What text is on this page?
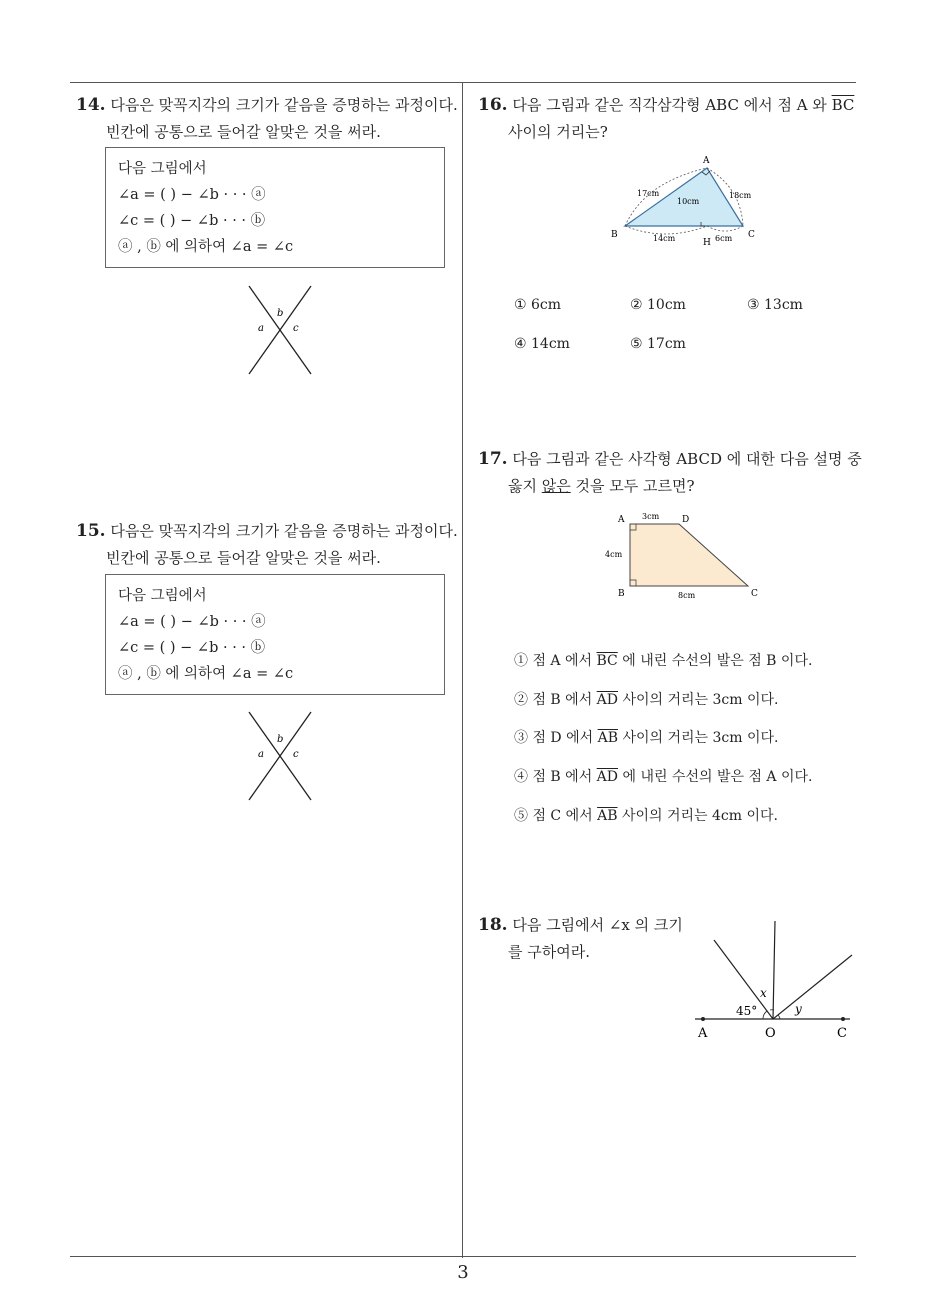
14. 다음은 맞꼭지각의 크기가 같음을 증명하는 과정이다.
빈칸에 공통으로 들어갈 알맞은 것을 써라.
다음 그림에서
∠a = ( ) − ∠b · · · ⓐ
∠c = ( ) − ∠b · · · ⓑ
ⓐ , ⓑ 에 의하여 ∠a = ∠c
b
a	c
15. 다음은 맞꼭지각의 크기가 같음을 증명하는 과정이다.
빈칸에 공통으로 들어갈 알맞은 것을 써라.
다음 그림에서
∠a = ( ) − ∠b · · · ⓐ
∠c = ( ) − ∠b · · · ⓑ
ⓐ , ⓑ 에 의하여 ∠a = ∠c
b
a	c
16. 다음 그림과 같은 직각삼각형 ABC 에서 점 A 와 $\overline{BC}$
사이의 거리는?
A
B	C
H
17cm	18cm
10cm
14cm	6cm
① 6cm	② 10cm	③ 13cm
④ 14cm	⑤ 17cm
17. 다음 그림과 같은 사각형 ABCD 에 대한 다음 설명 중
옳지 않은 것을 모두 고르면?
A	D
B	C
3cm
4cm
8cm
① 점 A 에서 $\overline{BC}$ 에 내린 수선의 발은 점 B 이다.
② 점 B 에서 $\overline{AD}$ 사이의 거리는 3cm 이다.
③ 점 D 에서 $\overline{AB}$ 사이의 거리는 3cm 이다.
④ 점 B 에서 $\overline{AD}$ 에 내린 수선의 발은 점 A 이다.
⑤ 점 C 에서 $\overline{AB}$ 사이의 거리는 4cm 이다.
18. 다음 그림에서 ∠x 의 크기
를 구하여라.
45°
x
y
A	O	C
3
